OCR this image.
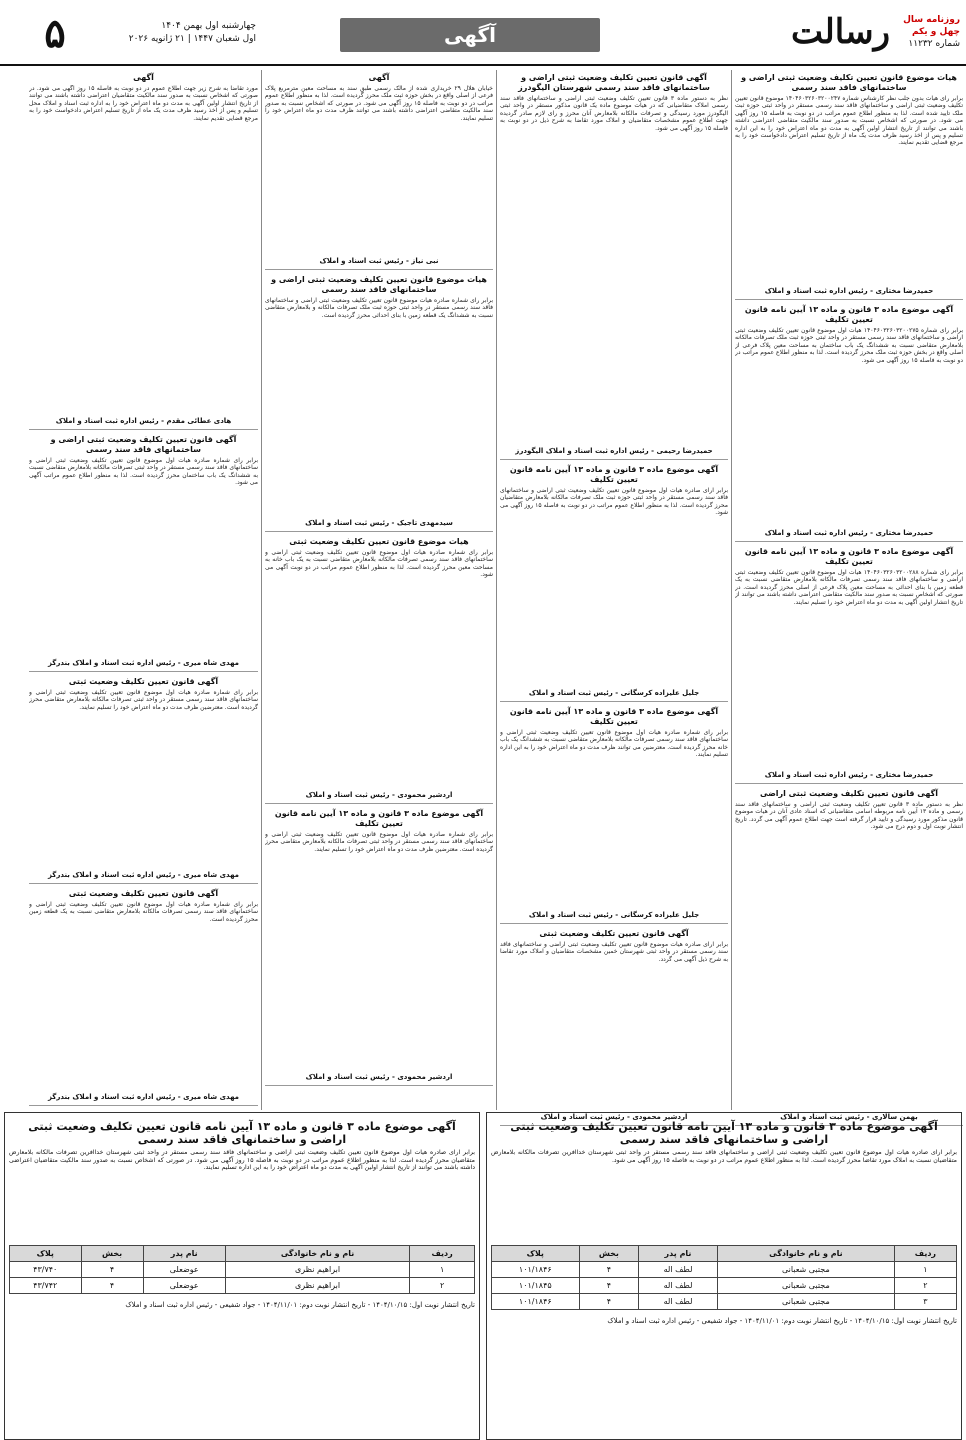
روزنامه سال چهل و یکم
شماره ۱۱۲۳۲
رسالت
آگهی
چهارشنبه اول بهمن ۱۴۰۴
اول شعبان ۱۴۴۷ | ۲۱ ژانویه ۲۰۲۶
۵
هیات موضوع قانون تعیین تکلیف وضعیت ثبتی اراضی و ساختمانهای فاقد سند رسمی
برابر رای هیات بدون جلب نظر کارشناس شماره ۱۴۰۴۶۰۳۲۶۰۳۲۰۰۲۴۷ موضوع قانون تعیین تکلیف وضعیت ثبتی اراضی و ساختمانهای فاقد سند رسمی مستقر در واحد ثبتی حوزه ثبت ملک تایید شده است. لذا به منظور اطلاع عموم مراتب در دو نوبت به فاصله ۱۵ روز آگهی می شود. در صورتی که اشخاص نسبت به صدور سند مالکیت متقاضی اعتراضی داشته باشند می توانند از تاریخ انتشار اولین آگهی به مدت دو ماه اعتراض خود را به این اداره تسلیم و پس از اخذ رسید ظرف مدت یک ماه از تاریخ تسلیم اعتراض دادخواست خود را به مرجع قضایی تقدیم نمایند.
حمیدرضا مختاری - رئیس اداره ثبت اسناد و املاک
آگهی موضوع ماده ۳ قانون و ماده ۱۳ آیین نامه قانون تعیین تکلیف
برابر رای شماره ۱۴۰۴۶۰۳۲۶۰۳۲۰۰۲۷۵ هیات اول موضوع قانون تعیین تکلیف وضعیت ثبتی اراضی و ساختمانهای فاقد سند رسمی مستقر در واحد ثبتی حوزه ثبت ملک تصرفات مالکانه بلامعارض متقاضی نسبت به ششدانگ یک باب ساختمان به مساحت معین پلاک فرعی از اصلی واقع در بخش حوزه ثبت ملک محرز گردیده است. لذا به منظور اطلاع عموم مراتب در دو نوبت به فاصله ۱۵ روز آگهی می شود.
حمیدرضا مختاری - رئیس اداره ثبت اسناد و املاک
آگهی موضوع ماده ۳ قانون و ماده ۱۳ آیین نامه قانون تعیین تکلیف
برابر رای شماره ۱۴۰۴۶۰۳۲۶۰۳۲۰۰۲۸۸ هیات اول موضوع قانون تعیین تکلیف وضعیت ثبتی اراضی و ساختمانهای فاقد سند رسمی تصرفات مالکانه بلامعارض متقاضی نسبت به یک قطعه زمین با بنای احداثی به مساحت معین پلاک فرعی از اصلی محرز گردیده است. در صورتی که اشخاص نسبت به صدور سند مالکیت متقاضی اعتراضی داشته باشند می توانند از تاریخ انتشار اولین آگهی به مدت دو ماه اعتراض خود را تسلیم نمایند.
حمیدرضا مختاری - رئیس اداره ثبت اسناد و املاک
آگهی قانون تعیین تکلیف وضعیت ثبتی اراضی
نظر به دستور ماده ۳ قانون تعیین تکلیف وضعیت ثبتی اراضی و ساختمانهای فاقد سند رسمی و ماده ۱۳ آیین نامه مربوطه اسامی متقاضیانی که اسناد عادی آنان در هیات موضوع قانون مذکور مورد رسیدگی و تایید قرار گرفته است جهت اطلاع عموم آگهی می گردد. تاریخ انتشار نوبت اول و دوم درج می شود.
بهمن سالاری - رئیس ثبت اسناد و املاک
آگهی قانون تعیین تکلیف وضعیت ثبتی اراضی و ساختمانهای فاقد سند رسمی شهرستان الیگودرز
نظر به دستور ماده ۳ قانون تعیین تکلیف وضعیت ثبتی اراضی و ساختمانهای فاقد سند رسمی املاک متقاضیانی که در هیات موضوع ماده یک قانون مذکور مستقر در واحد ثبتی الیگودرز مورد رسیدگی و تصرفات مالکانه بلامعارض آنان محرز و رای لازم صادر گردیده جهت اطلاع عموم مشخصات متقاضیان و املاک مورد تقاضا به شرح ذیل در دو نوبت به فاصله ۱۵ روز آگهی می شود.
حمیدرضا رحیمی - رئیس اداره ثبت اسناد و املاک الیگودرز
آگهی موضوع ماده ۳ قانون و ماده ۱۳ آیین نامه قانون تعیین تکلیف
برابر آرای صادره هیات اول موضوع قانون تعیین تکلیف وضعیت ثبتی اراضی و ساختمانهای فاقد سند رسمی مستقر در واحد ثبتی حوزه ثبت ملک تصرفات مالکانه بلامعارض متقاضیان محرز گردیده است. لذا به منظور اطلاع عموم مراتب در دو نوبت به فاصله ۱۵ روز آگهی می شود.
جلیل علیزاده کرسگانی - رئیس ثبت اسناد و املاک
آگهی موضوع ماده ۳ قانون و ماده ۱۳ آیین نامه قانون تعیین تکلیف
برابر رای شماره صادره هیات اول موضوع قانون تعیین تکلیف وضعیت ثبتی اراضی و ساختمانهای فاقد سند رسمی تصرفات مالکانه بلامعارض متقاضی نسبت به ششدانگ یک باب خانه محرز گردیده است. معترضین می توانند ظرف مدت دو ماه اعتراض خود را به این اداره تسلیم نمایند.
جلیل علیزاده کرسگانی - رئیس ثبت اسناد و املاک
آگهی قانون تعیین تکلیف وضعیت ثبتی
برابر آرای صادره هیات موضوع قانون تعیین تکلیف وضعیت ثبتی اراضی و ساختمانهای فاقد سند رسمی مستقر در واحد ثبتی شهرستان خمین مشخصات متقاضیان و املاک مورد تقاضا به شرح ذیل آگهی می گردد.
اردشیر محمودی - رئیس ثبت اسناد و املاک
آگهی
خیابان هلال ۲۹ خریداری شده از مالک رسمی طبق سند به مساحت معین مترمربع پلاک فرعی از اصلی واقع در بخش حوزه ثبت ملک محرز گردیده است. لذا به منظور اطلاع عموم مراتب در دو نوبت به فاصله ۱۵ روز آگهی می شود. در صورتی که اشخاص نسبت به صدور سند مالکیت متقاضی اعتراضی داشته باشند می توانند ظرف مدت دو ماه اعتراض خود را تسلیم نمایند.
نبی نیاز - رئیس ثبت اسناد و املاک
هیات موضوع قانون تعیین تکلیف وضعیت ثبتی اراضی و ساختمانهای فاقد سند رسمی
برابر رای شماره صادره هیات موضوع قانون تعیین تکلیف وضعیت ثبتی اراضی و ساختمانهای فاقد سند رسمی مستقر در واحد ثبتی حوزه ثبت ملک تصرفات مالکانه و بلامعارض متقاضی نسبت به ششدانگ یک قطعه زمین با بنای احداثی محرز گردیده است.
سیدمهدی تاجیک - رئیس ثبت اسناد و املاک
هیات موضوع قانون تعیین تکلیف وضعیت ثبتی
برابر رای شماره صادره هیات اول موضوع قانون تعیین تکلیف وضعیت ثبتی اراضی و ساختمانهای فاقد سند رسمی تصرفات مالکانه بلامعارض متقاضی نسبت به یک باب خانه به مساحت معین محرز گردیده است. لذا به منظور اطلاع عموم مراتب در دو نوبت آگهی می شود.
اردشیر محمودی - رئیس ثبت اسناد و املاک
آگهی موضوع ماده ۳ قانون و ماده ۱۳ آیین نامه قانون تعیین تکلیف
برابر رای شماره صادره هیات اول موضوع قانون تعیین تکلیف وضعیت ثبتی اراضی و ساختمانهای فاقد سند رسمی مستقر در واحد ثبتی تصرفات مالکانه بلامعارض متقاضی محرز گردیده است. معترضین ظرف مدت دو ماه اعتراض خود را تسلیم نمایند.
اردشیر محمودی - رئیس ثبت اسناد و املاک
آگهی
مورد تقاضا به شرح زیر جهت اطلاع عموم در دو نوبت به فاصله ۱۵ روز آگهی می شود. در صورتی که اشخاص نسبت به صدور سند مالکیت متقاضیان اعتراضی داشته باشند می توانند از تاریخ انتشار اولین آگهی به مدت دو ماه اعتراض خود را به اداره ثبت اسناد و املاک محل تسلیم و پس از اخذ رسید ظرف مدت یک ماه از تاریخ تسلیم اعتراض دادخواست خود را به مرجع قضایی تقدیم نمایند.
هادی عطائی مقدم - رئیس اداره ثبت اسناد و املاک
آگهی قانون تعیین تکلیف وضعیت ثبتی اراضی و ساختمانهای فاقد سند رسمی
برابر رای شماره صادره هیات اول موضوع قانون تعیین تکلیف وضعیت ثبتی اراضی و ساختمانهای فاقد سند رسمی مستقر در واحد ثبتی تصرفات مالکانه بلامعارض متقاضی نسبت به ششدانگ یک باب ساختمان محرز گردیده است. لذا به منظور اطلاع عموم مراتب آگهی می شود.
مهدی شاه میری - رئیس اداره ثبت اسناد و املاک بندرگز
آگهی قانون تعیین تکلیف وضعیت ثبتی
برابر رای شماره صادره هیات اول موضوع قانون تعیین تکلیف وضعیت ثبتی اراضی و ساختمانهای فاقد سند رسمی مستقر در واحد ثبتی تصرفات مالکانه بلامعارض متقاضی محرز گردیده است. معترضین ظرف مدت دو ماه اعتراض خود را تسلیم نمایند.
مهدی شاه میری - رئیس اداره ثبت اسناد و املاک بندرگز
آگهی قانون تعیین تکلیف وضعیت ثبتی
برابر رای شماره صادره هیات اول موضوع قانون تعیین تکلیف وضعیت ثبتی اراضی و ساختمانهای فاقد سند رسمی تصرفات مالکانه بلامعارض متقاضی نسبت به یک قطعه زمین محرز گردیده است.
مهدی شاه میری - رئیس اداره ثبت اسناد و املاک بندرگز
آگهی موضوع ماده ۳ قانون و ماده ۱۳ آیین نامه قانون تعیین تکلیف وضعیت ثبتی اراضی و ساختمانهای فاقد سند رسمی
برابر آرای صادره هیات اول موضوع قانون تعیین تکلیف وضعیت ثبتی اراضی و ساختمانهای فاقد سند رسمی مستقر در واحد ثبتی شهرستان خداآفرین تصرفات مالکانه بلامعارض متقاضیان محرز گردیده است. لذا به منظور اطلاع عموم مراتب در دو نوبت به فاصله ۱۵ روز آگهی می شود. در صورتی که اشخاص نسبت به صدور سند مالکیت متقاضیان اعتراضی داشته باشند می توانند از تاریخ انتشار اولین آگهی به مدت دو ماه اعتراض خود را به این اداره تسلیم نمایند.
ردیف	نام و نام خانوادگی	نام پدر	بخش	پلاک
۱	ابراهیم نظری	عوضعلی	۴	۴۳/۷۴۰
۲	ابراهیم نظری	عوضعلی	۴	۴۳/۷۴۲
تاریخ انتشار نوبت اول: ۱۴۰۴/۱۰/۱۵ - تاریخ انتشار نوبت دوم: ۱۴۰۴/۱۱/۰۱ - جواد شفیعی - رئیس اداره ثبت اسناد و املاک
آگهی موضوع ماده ۳ قانون و ماده ۱۳ آیین نامه قانون تعیین تکلیف وضعیت ثبتی اراضی و ساختمانهای فاقد سند رسمی
برابر آرای صادره هیات اول موضوع قانون تعیین تکلیف وضعیت ثبتی اراضی و ساختمانهای فاقد سند رسمی مستقر در واحد ثبتی شهرستان خداآفرین تصرفات مالکانه بلامعارض متقاضیان نسبت به املاک مورد تقاضا محرز گردیده است. لذا به منظور اطلاع عموم مراتب در دو نوبت به فاصله ۱۵ روز آگهی می شود.
ردیف	نام و نام خانوادگی	نام پدر	بخش	پلاک
۱	مجتبی شعبانی	لطف اله	۴	۱۰۱/۱۸۴۶
۲	مجتبی شعبانی	لطف اله	۴	۱۰۱/۱۸۴۵
۳	مجتبی شعبانی	لطف اله	۴	۱۰۱/۱۸۴۶
تاریخ انتشار نوبت اول: ۱۴۰۴/۱۰/۱۵ - تاریخ انتشار نوبت دوم: ۱۴۰۴/۱۱/۰۱ - جواد شفیعی - رئیس اداره ثبت اسناد و املاک
